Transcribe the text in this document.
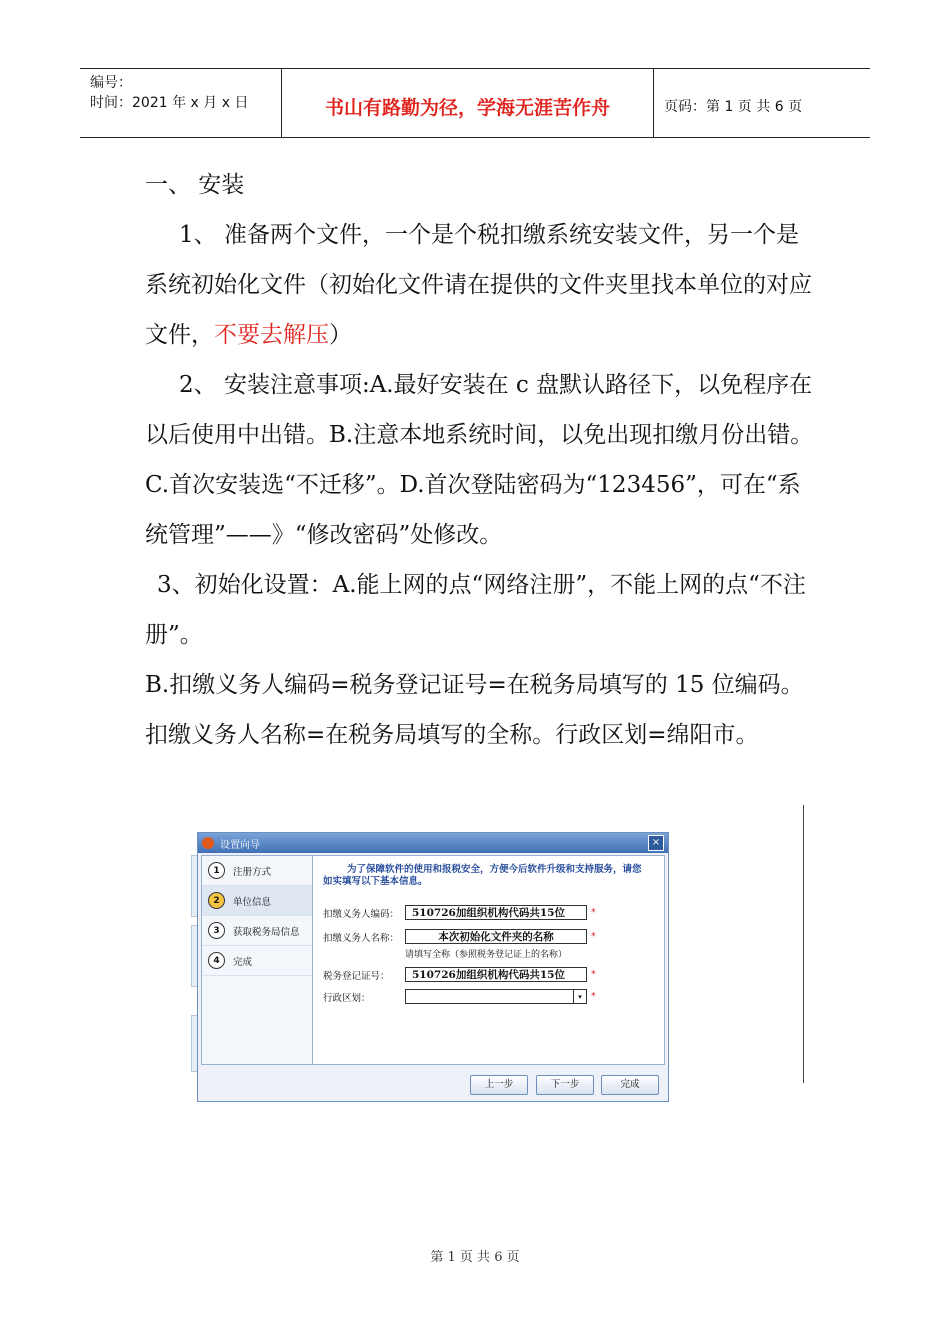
编号：
时间：2021 年 x 月 x 日	书山有路勤为径，学海无涯苦作舟	页码：第 1 页 共 6 页

一、 安装

1、 准备两个文件，一个是个税扣缴系统安装文件，另一个是系统初始化文件（初始化文件请在提供的文件夹里找本单位的对应文件，不要去解压）

2、 安装注意事项:A.最好安装在 c 盘默认路径下，以免程序在以后使用中出错。B.注意本地系统时间，以免出现扣缴月份出错。C.首次安装选“不迁移”。D.首次登陆密码为“123456”，可在“系统管理”——》“修改密码”处修改。

3、初始化设置：A.能上网的点“网络注册”，不能上网的点“不注册”。

B.扣缴义务人编码=税务登记证号=在税务局填写的 15 位编码。

扣缴义务人名称=在税务局填写的全称。行政区划=绵阳市。

设置向导	×
1	注册方式
2	单位信息
3	获取税务局信息
4	完成
为了保障软件的使用和报税安全，方便今后软件升级和支持服务，请您如实填写以下基本信息。
扣缴义务人编码：	510726加组织机构代码共15位	*
扣缴义务人名称：	本次初始化文件夹的名称	*
请填写全称（参照税务登记证上的名称）
税务登记证号：	510726加组织机构代码共15位	*
行政区划：	▾ *
上一步	下一步	完成
第 1 页 共 6 页
